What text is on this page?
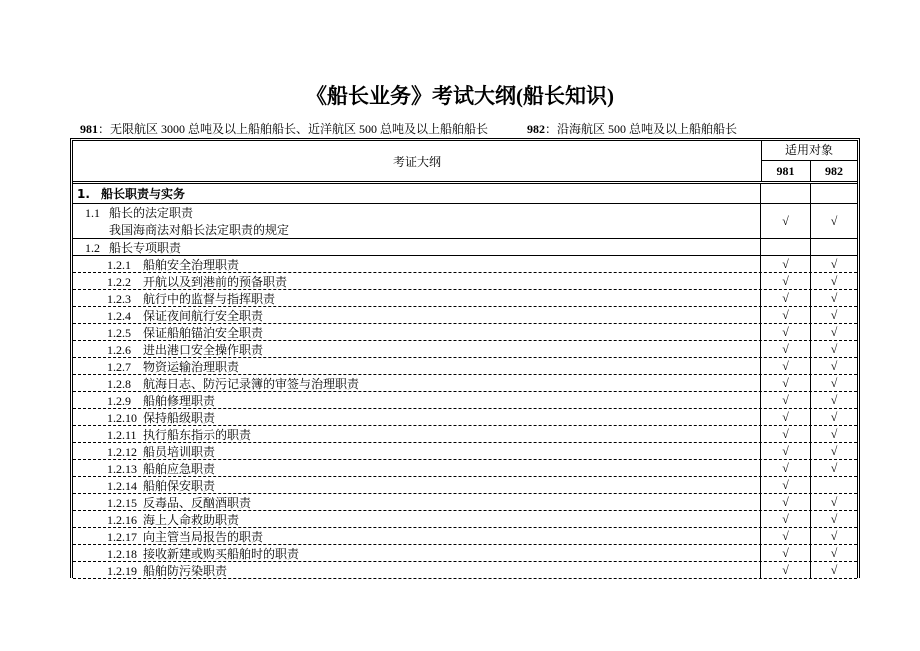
《船长业务》考试大纲(船长知识)
981：无限航区 3000 总吨及以上船舶船长、近洋航区 500 总吨及以上船舶船长	982：沿海航区 500 总吨及以上船舶船长
考证大纲
适用对象
981	982
1. 船长职责与实务
1.1 船长的法定职责
我国海商法对船长法定职责的规定
√	√
1.2 船长专项职责
1.2.1 船舶安全治理职责	√	√
1.2.2 开航以及到港前的预备职责	√	√
1.2.3 航行中的监督与指挥职责	√	√
1.2.4 保证夜间航行安全职责	√	√
1.2.5 保证船舶锚泊安全职责	√	√
1.2.6 进出港口安全操作职责	√	√
1.2.7 物资运输治理职责	√	√
1.2.8 航海日志、防污记录簿的审签与治理职责	√	√
1.2.9 船舶修理职责	√	√
1.2.10 保持船级职责	√	√
1.2.11 执行船东指示的职责	√	√
1.2.12 船员培训职责	√	√
1.2.13 船舶应急职责	√	√
1.2.14 船舶保安职责	√
1.2.15 反毒品、反酗酒职责	√	√
1.2.16 海上人命救助职责	√	√
1.2.17 向主管当局报告的职责	√	√
1.2.18 接收新建或购买船舶时的职责	√	√
1.2.19 船舶防污染职责	√	√
